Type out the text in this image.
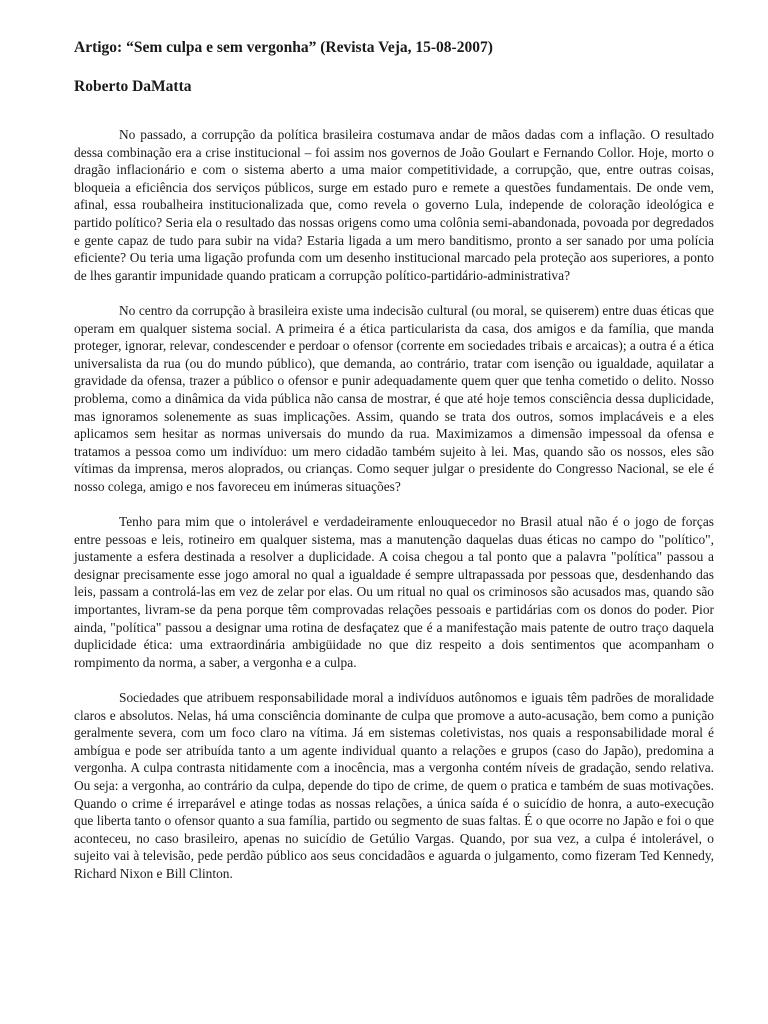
Artigo: “Sem culpa e sem vergonha” (Revista Veja, 15-08-2007)
Roberto DaMatta

No passado, a corrupção da política brasileira costumava andar de mãos dadas com a inflação. O resultado dessa combinação era a crise institucional – foi assim nos governos de João Goulart e Fernando Collor. Hoje, morto o dragão inflacionário e com o sistema aberto a uma maior competitividade, a corrupção, que, entre outras coisas, bloqueia a eficiência dos serviços públicos, surge em estado puro e remete a questões fundamentais. De onde vem, afinal, essa roubalheira institucionalizada que, como revela o governo Lula, independe de coloração ideológica e partido político? Seria ela o resultado das nossas origens como uma colônia semi-abandonada, povoada por degredados e gente capaz de tudo para subir na vida? Estaria ligada a um mero banditismo, pronto a ser sanado por uma polícia eficiente? Ou teria uma ligação profunda com um desenho institucional marcado pela proteção aos superiores, a ponto de lhes garantir impunidade quando praticam a corrupção político-partidário-administrativa?

No centro da corrupção à brasileira existe uma indecisão cultural (ou moral, se quiserem) entre duas éticas que operam em qualquer sistema social. A primeira é a ética particularista da casa, dos amigos e da família, que manda proteger, ignorar, relevar, condescender e perdoar o ofensor (corrente em sociedades tribais e arcaicas); a outra é a ética universalista da rua (ou do mundo público), que demanda, ao contrário, tratar com isenção ou igualdade, aquilatar a gravidade da ofensa, trazer a público o ofensor e punir adequadamente quem quer que tenha cometido o delito. Nosso problema, como a dinâmica da vida pública não cansa de mostrar, é que até hoje temos consciência dessa duplicidade, mas ignoramos solenemente as suas implicações. Assim, quando se trata dos outros, somos implacáveis e a eles aplicamos sem hesitar as normas universais do mundo da rua. Maximizamos a dimensão impessoal da ofensa e tratamos a pessoa como um indivíduo: um mero cidadão também sujeito à lei. Mas, quando são os nossos, eles são vítimas da imprensa, meros aloprados, ou crianças. Como sequer julgar o presidente do Congresso Nacional, se ele é nosso colega, amigo e nos favoreceu em inúmeras situações?

Tenho para mim que o intolerável e verdadeiramente enlouquecedor no Brasil atual não é o jogo de forças entre pessoas e leis, rotineiro em qualquer sistema, mas a manutenção daquelas duas éticas no campo do "político", justamente a esfera destinada a resolver a duplicidade. A coisa chegou a tal ponto que a palavra "política" passou a designar precisamente esse jogo amoral no qual a igualdade é sempre ultrapassada por pessoas que, desdenhando das leis, passam a controlá-las em vez de zelar por elas. Ou um ritual no qual os criminosos são acusados mas, quando são importantes, livram-se da pena porque têm comprovadas relações pessoais e partidárias com os donos do poder. Pior ainda, "política" passou a designar uma rotina de desfaçatez que é a manifestação mais patente de outro traço daquela duplicidade ética: uma extraordinária ambigüidade no que diz respeito a dois sentimentos que acompanham o rompimento da norma, a saber, a vergonha e a culpa.

Sociedades que atribuem responsabilidade moral a indivíduos autônomos e iguais têm padrões de moralidade claros e absolutos. Nelas, há uma consciência dominante de culpa que promove a auto-acusação, bem como a punição geralmente severa, com um foco claro na vítima. Já em sistemas coletivistas, nos quais a responsabilidade moral é ambígua e pode ser atribuída tanto a um agente individual quanto a relações e grupos (caso do Japão), predomina a vergonha. A culpa contrasta nitidamente com a inocência, mas a vergonha contém níveis de gradação, sendo relativa. Ou seja: a vergonha, ao contrário da culpa, depende do tipo de crime, de quem o pratica e também de suas motivações. Quando o crime é irreparável e atinge todas as nossas relações, a única saída é o suicídio de honra, a auto-execução que liberta tanto o ofensor quanto a sua família, partido ou segmento de suas faltas. É o que ocorre no Japão e foi o que aconteceu, no caso brasileiro, apenas no suicídio de Getúlio Vargas. Quando, por sua vez, a culpa é intolerável, o sujeito vai à televisão, pede perdão público aos seus concidadãos e aguarda o julgamento, como fizeram Ted Kennedy, Richard Nixon e Bill Clinton.
